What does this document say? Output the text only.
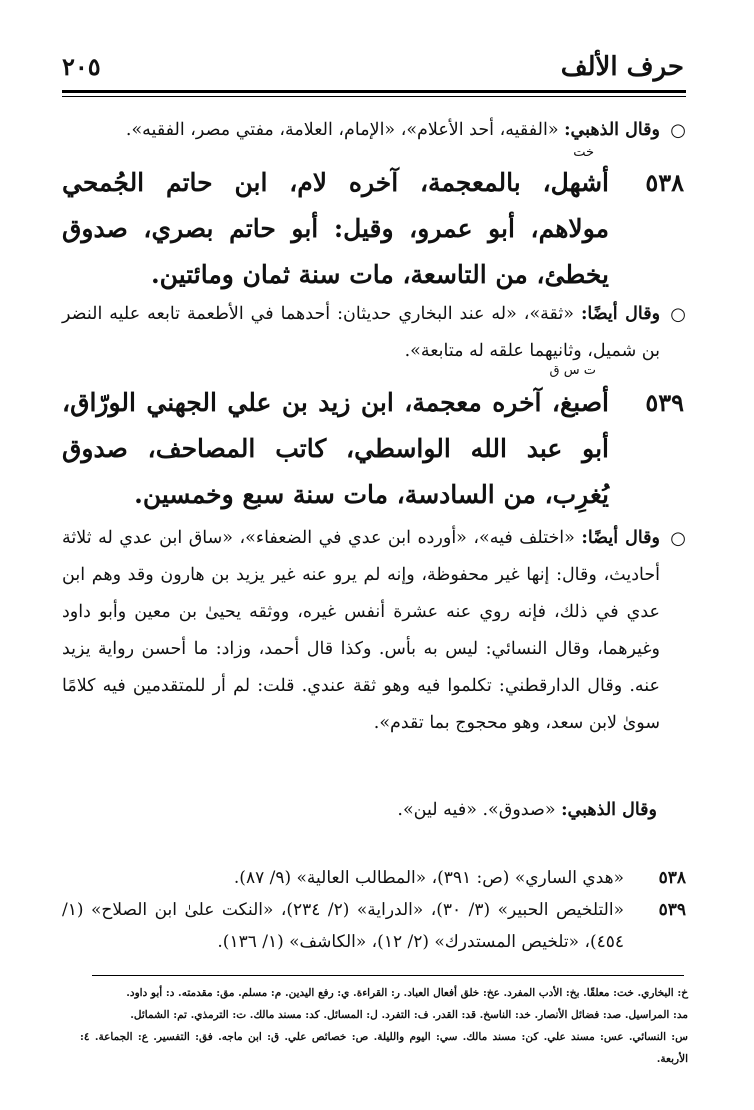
حرف الألف
٢٠٥
○
وقال الذهبي: «الفقيه، أحد الأعلام»، «الإمام، العلامة، مفتي مصر، الفقيه».
خت
٥٣٨
أشهل، بالمعجمة، آخره لام، ابن حاتم الجُمحي مولاهم، أبو عمرو، وقيل: أبو حاتم بصري، صدوق يخطئ، من التاسعة، مات سنة ثمان ومائتين.
○
وقال أيضًا: «ثقة»، «له عند البخاري حديثان: أحدهما في الأطعمة تابعه عليه النضر بن شميل، وثانيهما علقه له متابعة».
ت س ق
٥٣٩
أصبغ، آخره معجمة، ابن زيد بن علي الجهني الورّاق، أبو عبد الله الواسطي، كاتب المصاحف، صدوق يُغرِب، من السادسة، مات سنة سبع وخمسين.
○
وقال أيضًا: «اختلف فيه»، «أورده ابن عدي في الضعفاء»، «ساق ابن عدي له ثلاثة أحاديث، وقال: إنها غير محفوظة، وإنه لم يرو عنه غير يزيد بن هارون وقد وهم ابن عدي في ذلك، فإنه روي عنه عشرة أنفس غيره، ووثقه يحيىٰ بن معين وأبو داود وغيرهما، وقال النسائي: ليس به بأس. وكذا قال أحمد، وزاد: ما أحسن رواية يزيد عنه. وقال الدارقطني: تكلموا فيه وهو ثقة عندي. قلت: لم أر للمتقدمين فيه كلامًا سوىٰ لابن سعد، وهو محجوج بما تقدم».
وقال الذهبي: «صدوق». «فيه لين».
٥٣٨
«هدي الساري» (ص: ٣٩١)، «المطالب العالية» (٩/ ٨٧).
٥٣٩
«التلخيص الحبير» (٣/ ٣٠)، «الدراية» (٢/ ٢٣٤)، «النكت علىٰ ابن الصلاح» (١/ ٤٥٤)، «تلخيص المستدرك» (٢/ ١٢)، «الكاشف» (١/ ١٣٦).
خ: البخاري. خت: معلقًا. بخ: الأدب المفرد. عخ: خلق أفعال العباد. ر: القراءة. ي: رفع اليدين. م: مسلم. مق: مقدمته. د: أبو داود.
مد: المراسيل. صد: فضائل الأنصار. خد: الناسخ. قد: القدر. ف: التفرد. ل: المسائل. كد: مسند مالك. ت: الترمذي. تم: الشمائل.
س: النسائي. عس: مسند علي. كن: مسند مالك. سي: اليوم والليلة. ص: خصائص علي. ق: ابن ماجه. فق: التفسير. ع: الجماعة. ٤: الأربعة.
